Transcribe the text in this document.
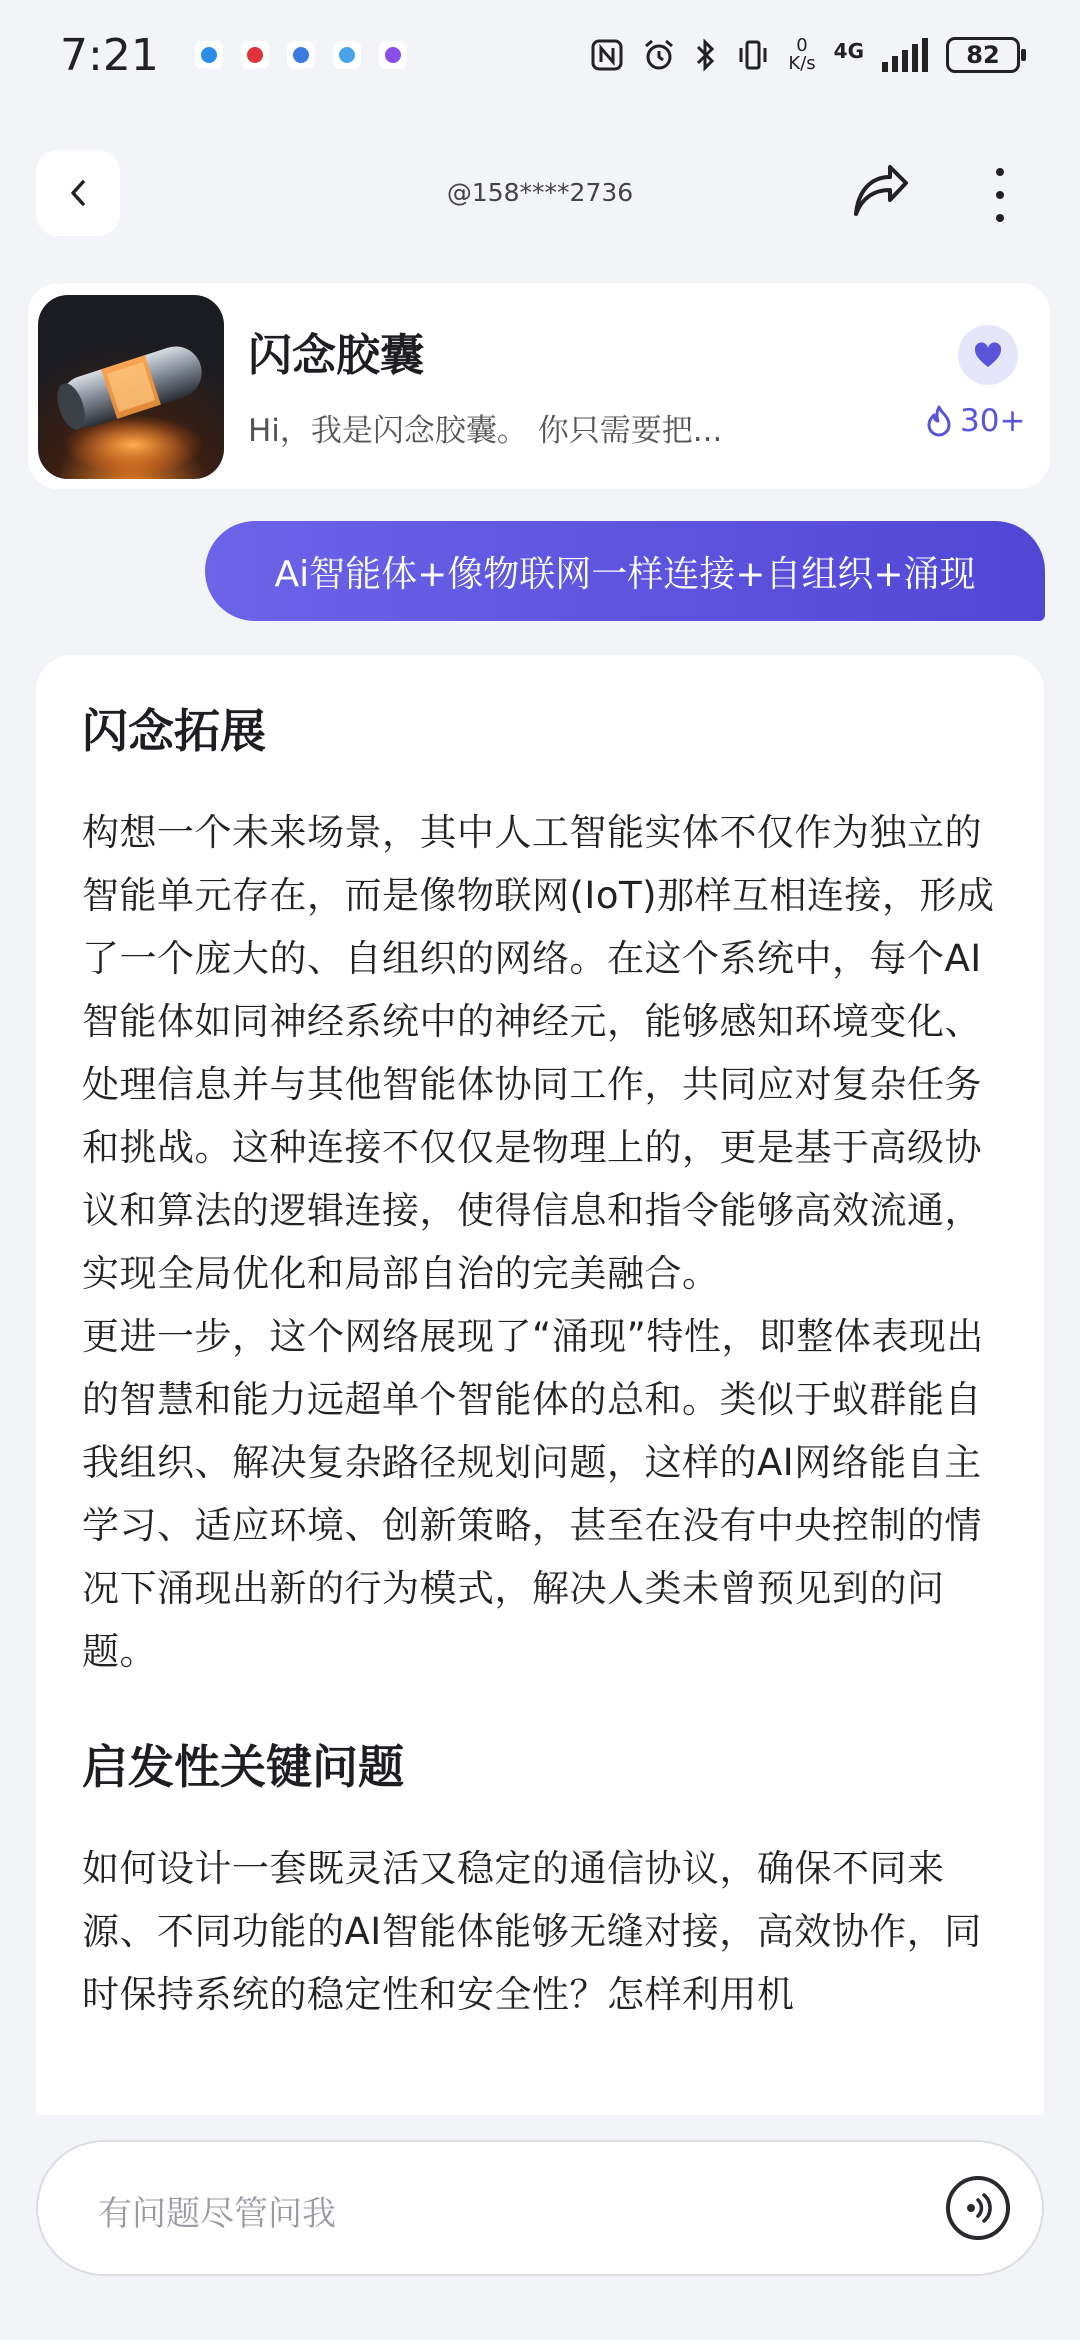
7:21	0
K/s
4G	82
@158****2736
闪念胶囊
Hi，我是闪念胶囊。 你只需要把...	30+
Ai智能体+像物联网一样连接+自组织+涌现
闪念拓展

构想一个未来场景，其中人工智能实体不仅作为独立的智能单元存在，而是像物联网(IoT)那样互相连接，形成了一个庞大的、自组织的网络。在这个系统中，每个AI智能体如同神经系统中的神经元，能够感知环境变化、处理信息并与其他智能体协同工作，共同应对复杂任务和挑战。这种连接不仅仅是物理上的，更是基于高级协议和算法的逻辑连接，使得信息和指令能够高效流通，实现全局优化和局部自治的完美融合。

更进一步，这个网络展现了“涌现”特性，即整体表现出的智慧和能力远超单个智能体的总和。类似于蚁群能自我组织、解决复杂路径规划问题，这样的AI网络能自主学习、适应环境、创新策略，甚至在没有中央控制的情况下涌现出新的行为模式，解决人类未曾预见到的问题。

启发性关键问题

如何设计一套既灵活又稳定的通信协议，确保不同来源、不同功能的AI智能体能够无缝对接，高效协作，同时保持系统的稳定性和安全性？怎样利用机

有问题尽管问我
